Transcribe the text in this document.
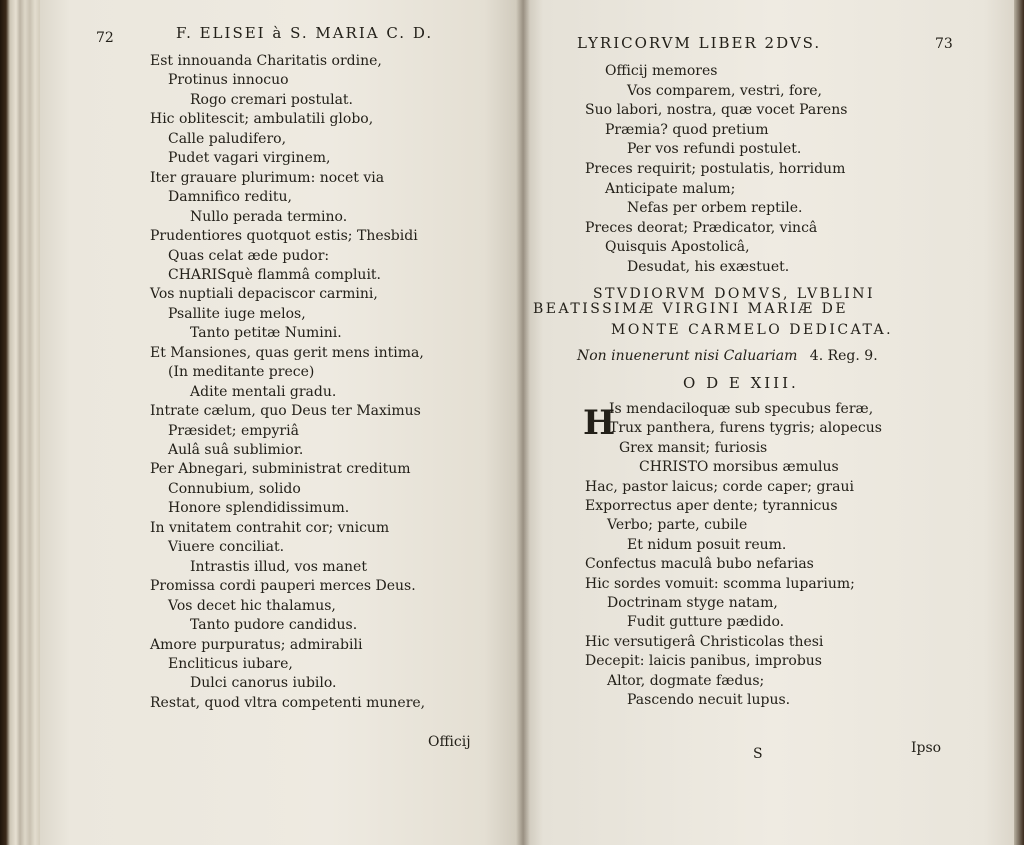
72	F. ELISEI à S. MARIA C. D.
Est innouanda Charitatis ordine,
Protinus innocuo
Rogo cremari postulat.
Hic oblitescit; ambulatili globo,
Calle paludifero,
Pudet vagari virginem,
Iter grauare plurimum: nocet via
Damnifico reditu,
Nullo perada termino.
Prudentiores quotquot estis; Thesbidi
Quas celat æde pudor:
CHARISquè flammâ compluit.
Vos nuptiali depaciscor carmini,
Psallite iuge melos,
Tanto petitæ Numini.
Et Mansiones, quas gerit mens intima,
(In meditante prece)
Adite mentali gradu.
Intrate cælum, quo Deus ter Maximus
Præsidet; empyriâ
Aulâ suâ sublimior.
Per Abnegari, subministrat creditum
Connubium, solido
Honore splendidissimum.
In vnitatem contrahit cor; vnicum
Viuere conciliat.
Intrastis illud, vos manet
Promissa cordi pauperi merces Deus.
Vos decet hic thalamus,
Tanto pudore candidus.
Amore purpuratus; admirabili
Encliticus iubare,
Dulci canorus iubilo.
Restat, quod vltra competenti munere,
Officij
LYRICORVM LIBER 2DVS.	73
Officij memores
Vos comparem, vestri, fore,
Suo labori, nostra, quæ vocet Parens
Præmia? quod pretium
Per vos refundi postulet.
Preces requirit; postulatis, horridum
Anticipate malum;
Nefas per orbem reptile.
Preces deorat; Prædicator, vincâ
Quisquis Apostolicâ,
Desudat, his exæstuet.
STVDIORVM DOMVS, LVBLINI
BEATISSIMÆ VIRGINI MARIÆ DE
MONTE CARMELO DEDICATA.
Non inuenerunt nisi Caluariam 4. Reg. 9.
O D E XIII.
H
Is mendaciloquæ sub specubus feræ,
Trux panthera, furens tygris; alopecus
Grex mansit; furiosis
CHRISTO morsibus æmulus
Hac, pastor laicus; corde caper; graui
Exporrectus aper dente; tyrannicus
Verbo; parte, cubile
Et nidum posuit reum.
Confectus maculâ bubo nefarias
Hic sordes vomuit: scomma luparium;
Doctrinam stygе natam,
Fudit gutture pædido.
Hic versutigerâ Christicolas thesi
Decepit: laicis panibus, improbus
Altor, dogmate fædus;
Pascendo necuit lupus.
S	Ipso
